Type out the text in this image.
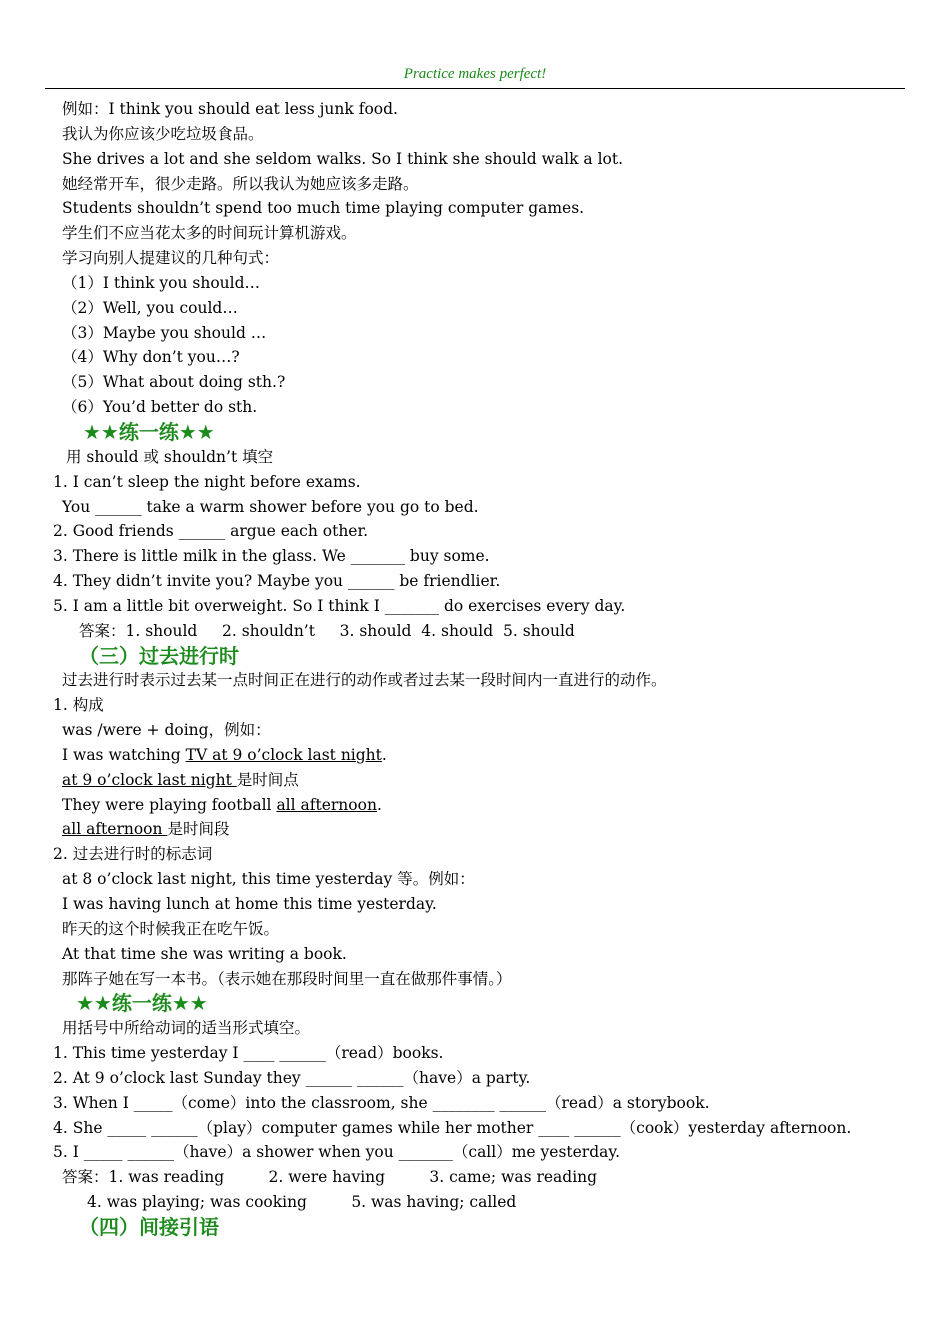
Practice makes perfect!
例如：I think you should eat less junk food.
我认为你应该少吃垃圾食品。
She drives a lot and she seldom walks. So I think she should walk a lot.
她经常开车，很少走路。所以我认为她应该多走路。
Students shouldn’t spend too much time playing computer games.
学生们不应当花太多的时间玩计算机游戏。
学习向别人提建议的几种句式：
（1）I think you should…
（2）Well, you could…
（3）Maybe you should …
（4）Why don’t you…?
（5）What about doing sth.?
（6）You’d better do sth.
★★练一练★★
用 should 或 shouldn’t 填空
1. I can’t sleep the night before exams.
You ______ take a warm shower before you go to bed.
2. Good friends ______ argue each other.
3. There is little milk in the glass. We _______ buy some.
4. They didn’t invite you? Maybe you ______ be friendlier.
5. I am a little bit overweight. So I think I _______ do exercises every day.
答案：1. should     2. shouldn’t     3. should  4. should  5. should
（三）过去进行时
过去进行时表示过去某一点时间正在进行的动作或者过去某一段时间内一直进行的动作。
1. 构成
was /were + doing，例如：
I was watching TV at 9 o’clock last night.
at 9 o’clock last night 是时间点
They were playing football all afternoon.
all afternoon 是时间段
2. 过去进行时的标志词
at 8 o’clock last night, this time yesterday 等。例如：
I was having lunch at home this time yesterday.
昨天的这个时候我正在吃午饭。
At that time she was writing a book.
那阵子她在写一本书。（表示她在那段时间里一直在做那件事情。）
★★练一练★★
用括号中所给动词的适当形式填空。
1. This time yesterday I ____ ______（read）books.
2. At 9 o’clock last Sunday they ______ ______（have）a party.
3. When I _____（come）into the classroom, she ________ ______（read）a storybook.
4. She _____ ______（play）computer games while her mother ____ ______（cook）yesterday afternoon.
5. I _____ ______（have）a shower when you _______（call）me yesterday.
答案：1. was reading         2. were having         3. came; was reading
4. was playing; was cooking         5. was having; called
（四）间接引语
